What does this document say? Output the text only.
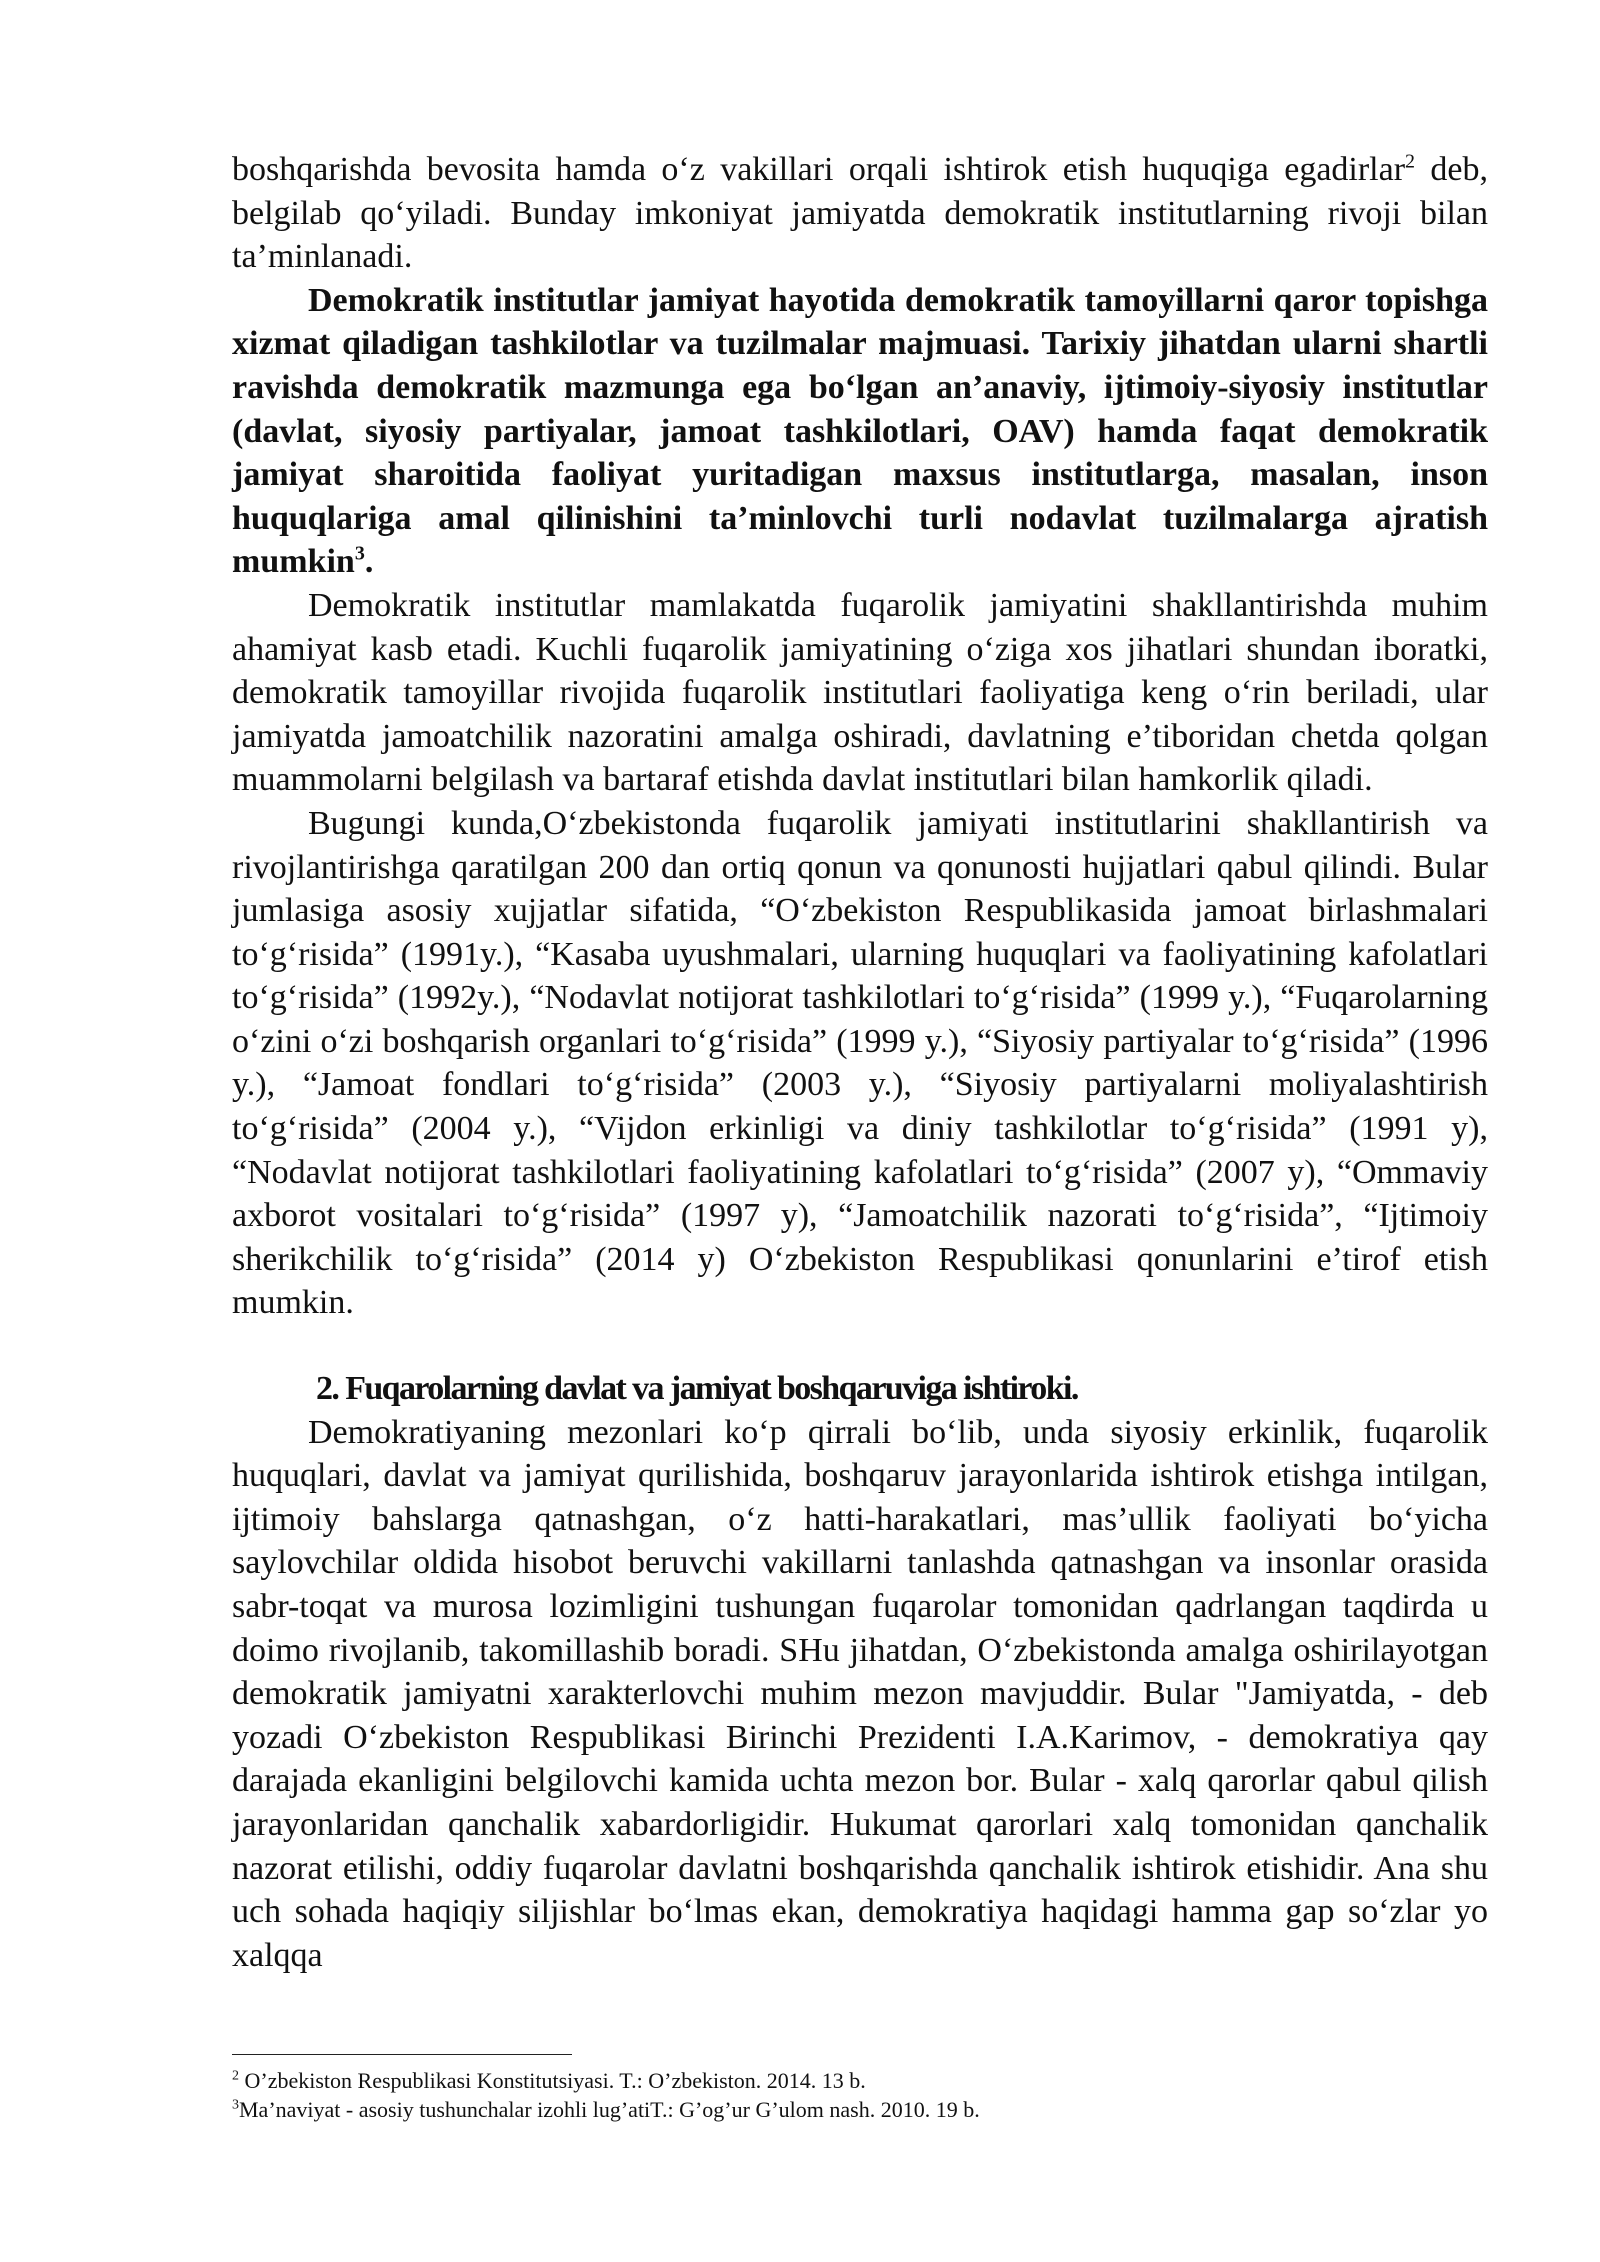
boshqarishda bevosita hamda o‘z vakillari orqali ishtirok etish huquqiga egadirlar$^2$ deb, belgilab qo‘yiladi. Bunday imkoniyat jamiyatda demokratik institutlarning rivoji bilan ta’minlanadi.

Demokratik institutlar jamiyat hayotida demokratik tamoyillarni qaror topishga xizmat qiladigan tashkilotlar va tuzilmalar majmuasi. Tarixiy jihatdan ularni shartli ravishda demokratik mazmunga ega bo‘lgan an’anaviy, ijtimoiy-siyosiy institutlar (davlat, siyosiy partiyalar, jamoat tashkilotlari, OAV) hamda faqat demokratik jamiyat sharoitida faoliyat yuritadigan maxsus institutlarga, masalan, inson huquqlariga amal qilinishini ta’minlovchi turli nodavlat tuzilmalarga ajratish mumkin$^3$.

Demokratik institutlar mamlakatda fuqarolik jamiyatini shakllantirishda muhim ahamiyat kasb etadi. Kuchli fuqarolik jamiyatining o‘ziga xos jihatlari shundan iboratki, demokratik tamoyillar rivojida fuqarolik institutlari faoliyatiga keng o‘rin beriladi, ular jamiyatda jamoatchilik nazoratini amalga oshiradi, davlatning e’tiboridan chetda qolgan muammolarni belgilash va bartaraf etishda davlat institutlari bilan hamkorlik qiladi.

Bugungi kunda,O‘zbekistonda fuqarolik jamiyati institutlarini shakllantirish va rivojlantirishga qaratilgan 200 dan ortiq qonun va qonunosti hujjatlari qabul qilindi. Bular jumlasiga asosiy xujjatlar sifatida, “O‘zbekiston Respublikasida jamoat birlashmalari to‘g‘risida” (1991y.), “Kasaba uyushmalari, ularning huquqlari va faoliyatining kafolatlari to‘g‘risida” (1992y.), “Nodavlat notijorat tashkilotlari to‘g‘risida” (1999 y.), “Fuqarolarning o‘zini o‘zi boshqarish organlari to‘g‘risida” (1999 y.), “Siyosiy partiyalar to‘g‘risida” (1996 y.), “Jamoat fondlari to‘g‘risida” (2003 y.), “Siyosiy partiyalarni moliyalashtirish to‘g‘risida” (2004 y.), “Vijdon erkinligi va diniy tashkilotlar to‘g‘risida” (1991 y), “Nodavlat notijorat tashkilotlari faoliyatining kafolatlari to‘g‘risida” (2007 y), “Ommaviy axborot vositalari to‘g‘risida” (1997 y), “Jamoatchilik nazorati to‘g‘risida”, “Ijtimoiy sherikchilik to‘g‘risida” (2014 y) O‘zbekiston Respublikasi qonunlarini e’tirof etish mumkin.

2. Fuqarolarning davlat va jamiyat boshqaruviga ishtiroki.

Demokratiyaning mezonlari ko‘p qirrali bo‘lib, unda siyosiy erkinlik, fuqarolik huquqlari, davlat va jamiyat qurilishida, boshqaruv jarayonlarida ishtirok etishga intilgan, ijtimoiy bahslarga qatnashgan, o‘z hatti-harakatlari, mas’ullik faoliyati bo‘yicha saylovchilar oldida hisobot beruvchi vakillarni tanlashda qatnashgan va insonlar orasida sabr-toqat va murosa lozimligini tushungan fuqarolar tomonidan qadrlangan taqdirda u doimo rivojlanib, takomillashib boradi. SHu jihatdan, O‘zbekistonda amalga oshirilayotgan demokratik jamiyatni xarakterlovchi muhim mezon mavjuddir. Bular "Jamiyatda, - deb yozadi O‘zbekiston Respublikasi Birinchi Prezidenti I.A.Karimov, - demokratiya qay darajada ekanligini belgilovchi kamida uchta mezon bor. Bular - xalq qarorlar qabul qilish jarayonlaridan qanchalik xabardorligidir. Hukumat qarorlari xalq tomonidan qanchalik nazorat etilishi, oddiy fuqarolar davlatni boshqarishda qanchalik ishtirok etishidir. Ana shu uch sohada haqiqiy siljishlar bo‘lmas ekan, demokratiya haqidagi hamma gap so‘zlar yo xalqqa

$^2$ O’zbekiston Respublikasi Konstitutsiyasi. T.: O’zbekiston. 2014. 13 b.

$^3$Ma’naviyat - asosiy tushunchalar izohli lug’atiT.: G’og’ur G’ulom nash. 2010. 19 b.
